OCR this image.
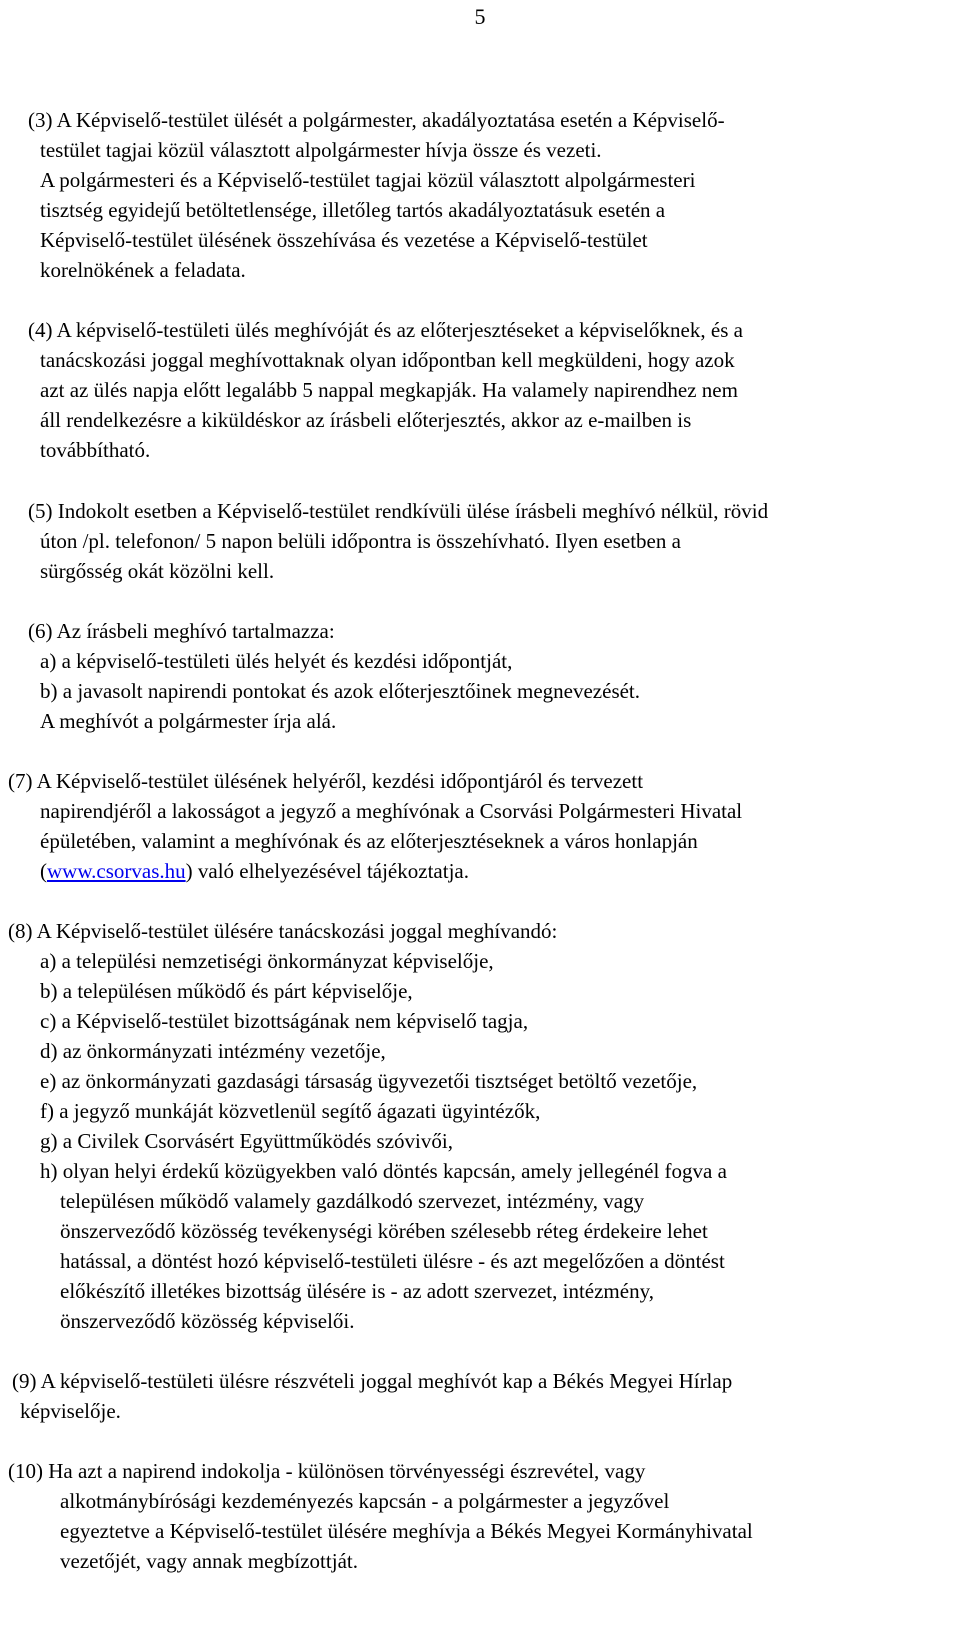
5
(3) A Képviselő-testület ülését a polgármester, akadályoztatása esetén a Képviselő-
testület tagjai közül választott alpolgármester hívja össze és vezeti.
A polgármesteri és a Képviselő-testület tagjai közül választott alpolgármesteri
tisztség egyidejű betöltetlensége, illetőleg tartós akadályoztatásuk esetén a
Képviselő-testület ülésének összehívása és vezetése a Képviselő-testület
korelnökének a feladata.
(4) A képviselő-testületi ülés meghívóját és az előterjesztéseket a képviselőknek, és a
tanácskozási joggal meghívottaknak olyan időpontban kell megküldeni, hogy azok
azt az ülés napja előtt legalább 5 nappal megkapják. Ha valamely napirendhez nem
áll rendelkezésre a kiküldéskor az írásbeli előterjesztés, akkor az e-mailben is
továbbítható.
(5) Indokolt esetben a Képviselő-testület rendkívüli ülése írásbeli meghívó nélkül, rövid
úton /pl. telefonon/ 5 napon belüli időpontra is összehívható. Ilyen esetben a
sürgősség okát közölni kell.
(6) Az írásbeli meghívó tartalmazza:
a) a képviselő-testületi ülés helyét és kezdési időpontját,
b) a javasolt napirendi pontokat és azok előterjesztőinek megnevezését.
A meghívót a polgármester írja alá.
(7) A Képviselő-testület ülésének helyéről, kezdési időpontjáról és tervezett
napirendjéről a lakosságot a jegyző a meghívónak a Csorvási Polgármesteri Hivatal
épületében, valamint a meghívónak és az előterjesztéseknek a város honlapján
(www.csorvas.hu) való elhelyezésével tájékoztatja.
(8) A Képviselő-testület ülésére tanácskozási joggal meghívandó:
a) a települési nemzetiségi önkormányzat képviselője,
b) a településen működő és párt képviselője,
c) a Képviselő-testület bizottságának nem képviselő tagja,
d) az önkormányzati intézmény vezetője,
e) az önkormányzati gazdasági társaság ügyvezetői tisztséget betöltő vezetője,
f) a jegyző munkáját közvetlenül segítő ágazati ügyintézők,
g) a Civilek Csorvásért Együttműködés szóvivői,
h) olyan helyi érdekű közügyekben való döntés kapcsán, amely jellegénél fogva a
településen működő valamely gazdálkodó szervezet, intézmény, vagy
önszerveződő közösség tevékenységi körében szélesebb réteg érdekeire lehet
hatással, a döntést hozó képviselő-testületi ülésre - és azt megelőzően a döntést
előkészítő illetékes bizottság ülésére is - az adott szervezet, intézmény,
önszerveződő közösség képviselői.
(9) A képviselő-testületi ülésre részvételi joggal meghívót kap a Békés Megyei Hírlap
képviselője.
(10) Ha azt a napirend indokolja - különösen törvényességi észrevétel, vagy
alkotmánybírósági kezdeményezés kapcsán - a polgármester a jegyzővel
egyeztetve a Képviselő-testület ülésére meghívja a Békés Megyei Kormányhivatal
vezetőjét, vagy annak megbízottját.
